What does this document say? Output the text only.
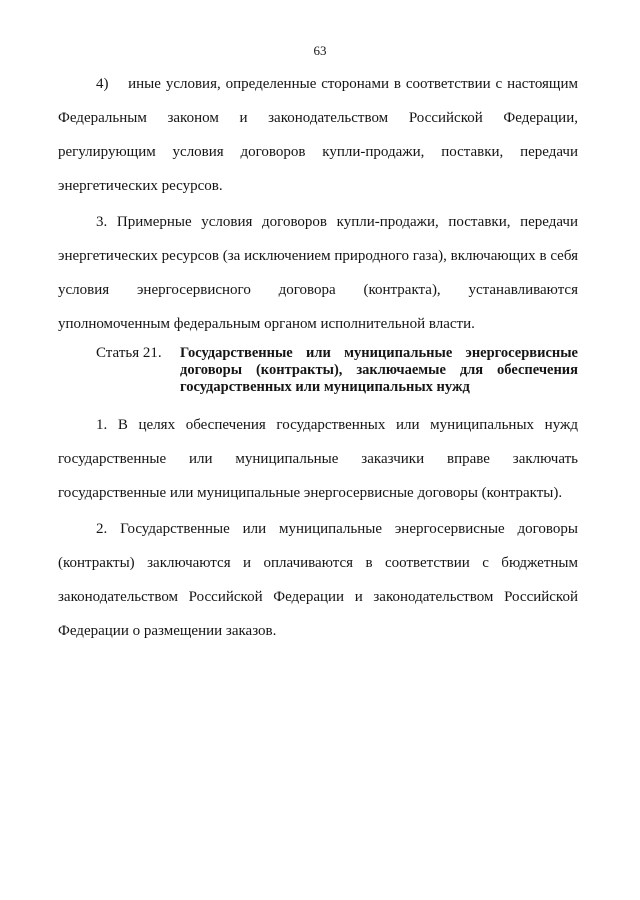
63

4)    иные условия, определенные сторонами в соответствии с настоящим Федеральным законом и законодательством Российской Федерации, регулирующим условия договоров купли-продажи, поставки, передачи энергетических ресурсов.

3. Примерные условия договоров купли-продажи, поставки, передачи энергетических ресурсов (за исключением природного газа), включающих в себя условия энергосервисного договора (контракта), устанавливаются уполномоченным федеральным органом исполнительной власти.

Статья 21.	Государственные или муниципальные энергосервисные договоры (контракты), заключаемые для обеспечения государственных или муниципальных нужд

1. В целях обеспечения государственных или муниципальных нужд государственные или муниципальные заказчики вправе заключать государственные или муниципальные энергосервисные договоры (контракты).

2. Государственные или муниципальные энергосервисные договоры (контракты) заключаются и оплачиваются в соответствии с бюджетным законодательством Российской Федерации и законодательством Российской Федерации о размещении заказов.
